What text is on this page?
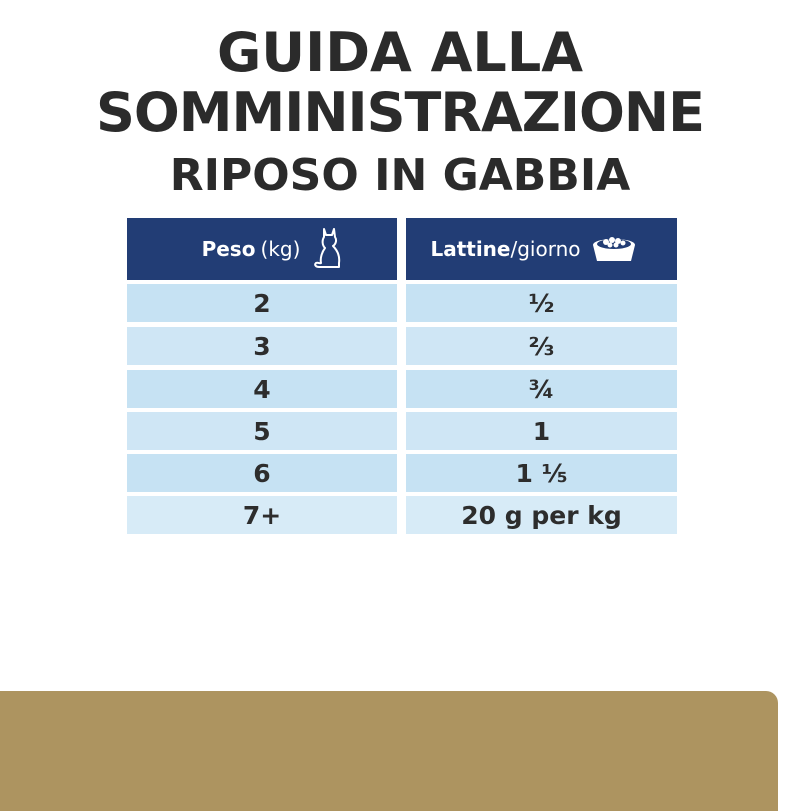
GUIDA ALLA
SOMMINISTRAZIONE
RIPOSO IN GABBIA
Peso (kg)	Lattine/giorno
2	½
3	⅔
4	¾
5	1
6	1 ⅕
7+	20 g per kg
